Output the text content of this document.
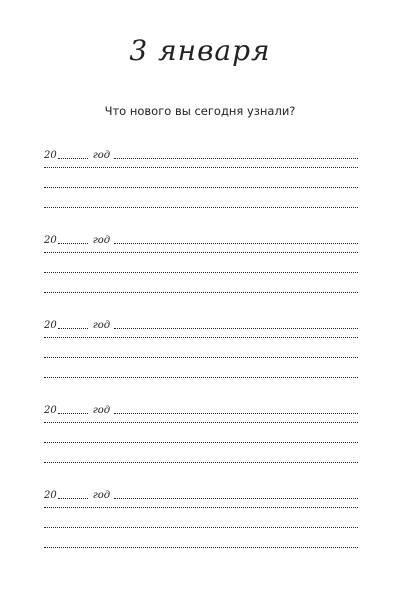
3 января

Что нового вы сегодня узнали?

20	год
20	год
20	год
20	год
20	год
